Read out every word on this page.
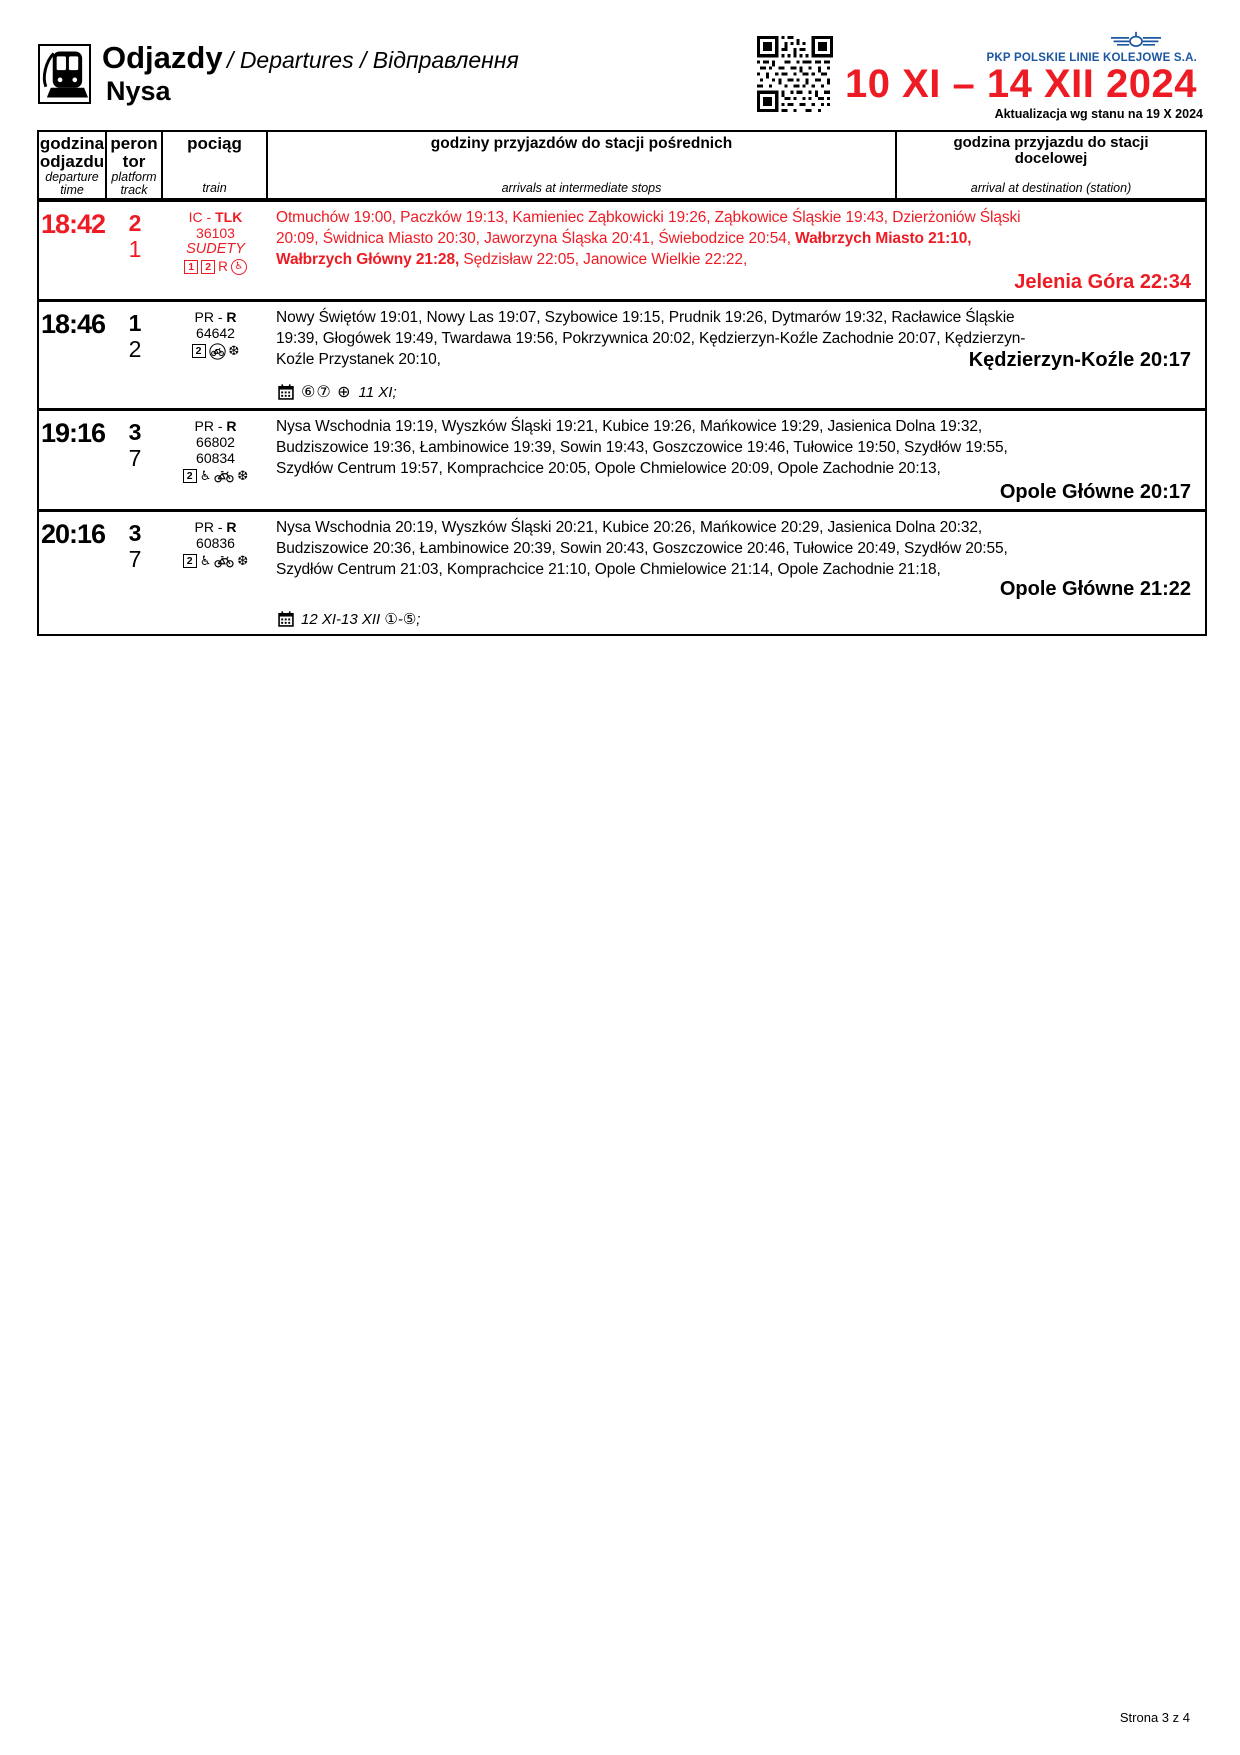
Odjazdy / Departures / Відправлення
Nysa
PKP POLSKIE LINIE KOLEJOWE S.A.
10 XI – 14 XII 2024
Aktualizacja wg stanu na 19 X 2024
godzina odjazdu
departure time
peron tor
platform track
pociąg
train
godziny przyjazdów do stacji pośrednich
arrivals at intermediate stops
godzina przyjazdu do stacji docelowej
arrival at destination (station)
18:42	2
1
IC - TLK
36103
SUDETY
1	2 R ♿
Otmuchów 19:00, Paczków 19:13, Kamieniec Ząbkowicki 19:26, Ząbkowice Śląskie 19:43, Dzierżoniów Śląski 20:09, Świdnica Miasto 20:30, Jaworzyna Śląska 20:41, Świebodzice 20:54, Wałbrzych Miasto 21:10, Wałbrzych Główny 21:28, Sędzisław 22:05, Janowice Wielkie 22:22,
Jelenia Góra 22:34
18:46	1
2
PR - R
64642
2	❆
Nowy Świętów 19:01, Nowy Las 19:07, Szybowice 19:15, Prudnik 19:26, Dytmarów 19:32, Racławice Śląskie 19:39, Głogówek 19:49, Twardawa 19:56, Pokrzywnica 20:02, Kędzierzyn-Koźle Zachodnie 20:07, Kędzierzyn-Koźle Przystanek 20:10,	Kędzierzyn-Koźle 20:17
⑥⑦ ⊕ 11 XI;
19:16	3
7
PR - R
66802
60834
2 ♿ ❆
Nysa Wschodnia 19:19, Wyszków Śląski 19:21, Kubice 19:26, Mańkowice 19:29, Jasienica Dolna 19:32, Budziszowice 19:36, Łambinowice 19:39, Sowin 19:43, Goszczowice 19:46, Tułowice 19:50, Szydłów 19:55, Szydłów Centrum 19:57, Komprachcice 20:05, Opole Chmielowice 20:09, Opole Zachodnie 20:13,
Opole Główne 20:17
20:16	3
7
PR - R
60836
2 ♿ ❆
Nysa Wschodnia 20:19, Wyszków Śląski 20:21, Kubice 20:26, Mańkowice 20:29, Jasienica Dolna 20:32, Budziszowice 20:36, Łambinowice 20:39, Sowin 20:43, Goszczowice 20:46, Tułowice 20:49, Szydłów 20:55, Szydłów Centrum 21:03, Komprachcice 21:10, Opole Chmielowice 21:14, Opole Zachodnie 21:18,
Opole Główne 21:22
12 XI-13 XII ①-⑤;
Strona 3 z 4
